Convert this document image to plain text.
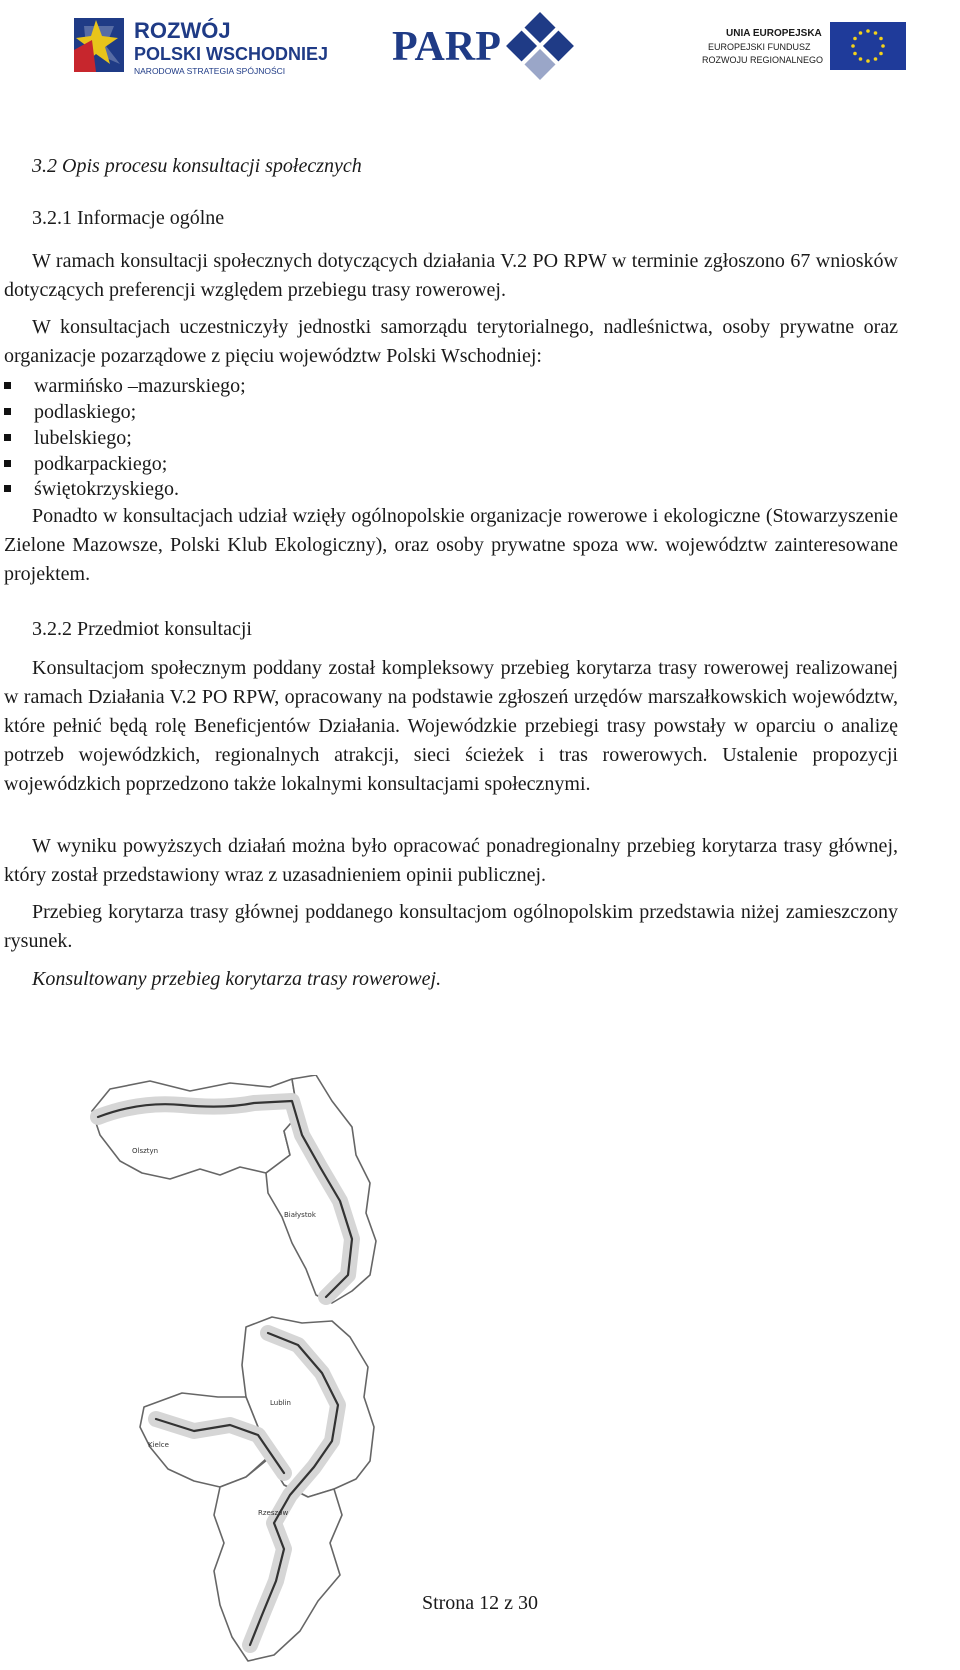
ROZWÓJ
POLSKI WSCHODNIEJ
NARODOWA STRATEGIA SPÓJNOŚCI
PARP	UNIA EUROPEJSKA
EUROPEJSKI FUNDUSZ
ROZWOJU REGIONALNEGO
3.2 Opis procesu konsultacji społecznych
3.2.1 Informacje ogólne
W ramach konsultacji społecznych dotyczących działania V.2 PO RPW w terminie zgłoszono 67 wniosków dotyczących preferencji względem przebiegu trasy rowerowej.
W konsultacjach uczestniczyły jednostki samorządu terytorialnego, nadleśnictwa, osoby prywatne oraz organizacje pozarządowe z pięciu województw Polski Wschodniej:
warmińsko –mazurskiego;
podlaskiego;
lubelskiego;
podkarpackiego;
świętokrzyskiego.
Ponadto w konsultacjach udział wzięły ogólnopolskie organizacje rowerowe i ekologiczne (Stowarzyszenie Zielone Mazowsze, Polski Klub Ekologiczny), oraz osoby prywatne spoza ww. województw zainteresowane projektem.
3.2.2 Przedmiot konsultacji
Konsultacjom społecznym poddany został kompleksowy przebieg korytarza trasy rowerowej realizowanej w ramach Działania V.2 PO RPW, opracowany na podstawie zgłoszeń urzędów marszałkowskich województw, które pełnić będą rolę Beneficjentów Działania. Wojewódzkie przebiegi trasy powstały w oparciu o analizę potrzeb wojewódzkich, regionalnych atrakcji, sieci ścieżek i tras rowerowych. Ustalenie propozycji wojewódzkich poprzedzono także lokalnymi konsultacjami społecznymi.
W wyniku powyższych działań można było opracować ponadregionalny przebieg korytarza trasy głównej, który został przedstawiony wraz z uzasadnieniem opinii publicznej.
Przebieg korytarza trasy głównej poddanego konsultacjom ogólnopolskim przedstawia niżej zamieszczony rysunek.
Konsultowany przebieg korytarza trasy rowerowej.
Olsztyn
Białystok
Lublin
Kielce
Rzeszów
Strona 12 z 30
